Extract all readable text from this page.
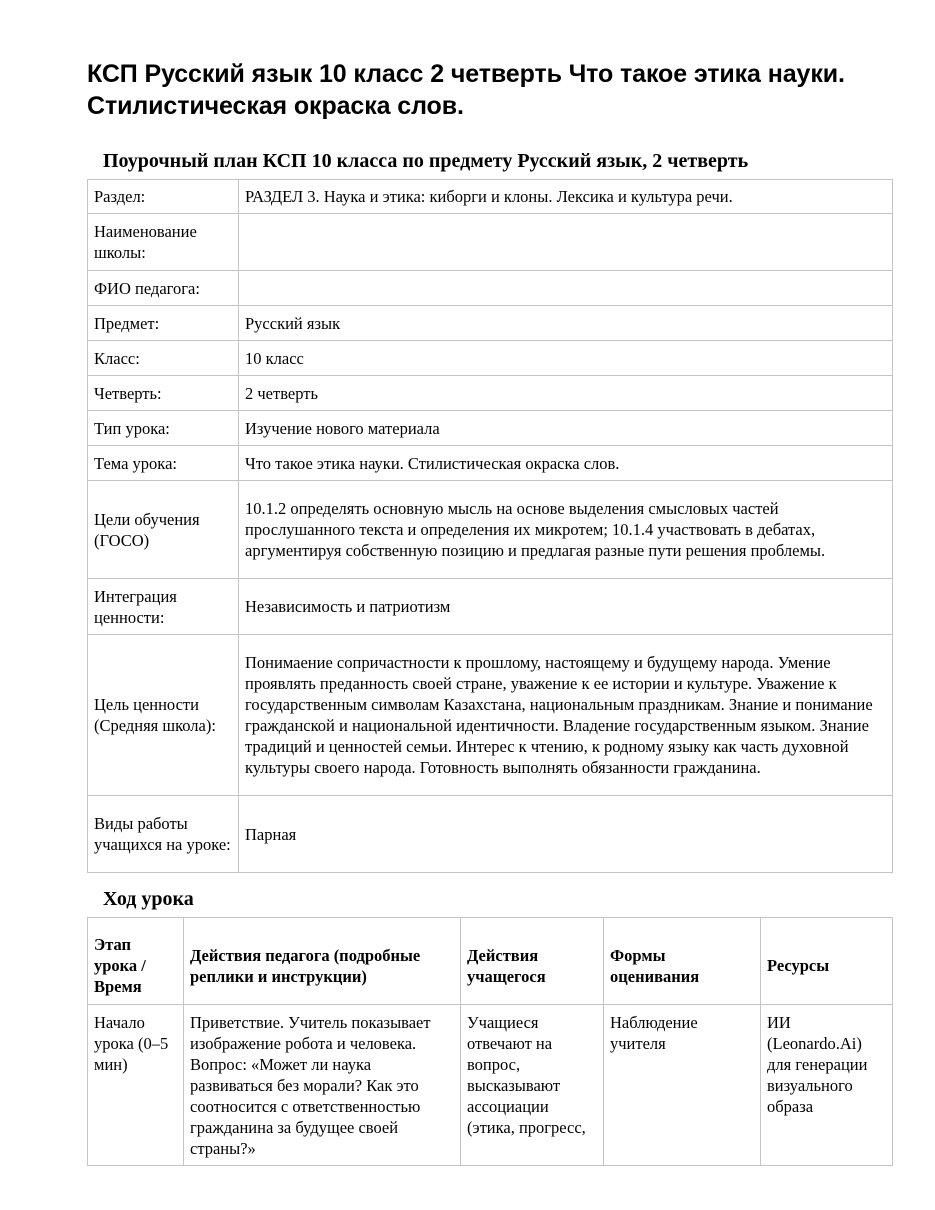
КСП Русский язык 10 класс 2 четверть Что такое этика науки. Стилистическая окраска слов.
Поурочный план КСП 10 класса по предмету Русский язык, 2 четверть
Раздел:	РАЗДЕЛ 3. Наука и этика: киборги и клоны. Лексика и культура речи.
Наименование школы:	
ФИО педагога:	
Предмет:	Русский язык
Класс:	10 класс
Четверть:	2 четверть
Тип урока:	Изучение нового материала
Тема урока:	Что такое этика науки. Стилистическая окраска слов.
Цели обучения (ГОСО)	10.1.2 определять основную мысль на основе выделения смысловых частей прослушанного текста и определения их микротем; 10.1.4 участвовать в дебатах, аргументируя собственную позицию и предлагая разные пути решения проблемы.
Интеграция ценности:	Независимость и патриотизм
Цель ценности (Средняя школа):	Понимаение сопричастности к прошлому, настоящему и будущему народа. Умение проявлять преданность своей стране, уважение к ее истории и культуре. Уважение к государственным символам Казахстана, национальным праздникам. Знание и понимание гражданской и национальной идентичности. Владение государственным языком. Знание традиций и ценностей семьи. Интерес к чтению, к родному языку как часть духовной культуры своего народа. Готовность выполнять обязанности гражданина.
Виды работы учащихся на уроке:	Парная
Ход урока
Этап урока / Время	Действия педагога (подробные реплики и инструкции)	Действия учащегося	Формы оценивания	Ресурсы
Начало урока (0–5 мин)	Приветствие. Учитель показывает изображение робота и человека. Вопрос: «Может ли наука развиваться без морали? Как это соотносится с ответственностью гражданина за будущее своей страны?»	Учащиеся отвечают на вопрос, высказывают ассоциации (этика, прогресс,	Наблюдение учителя	ИИ (Leonardo.Ai) для генерации визуального образа
